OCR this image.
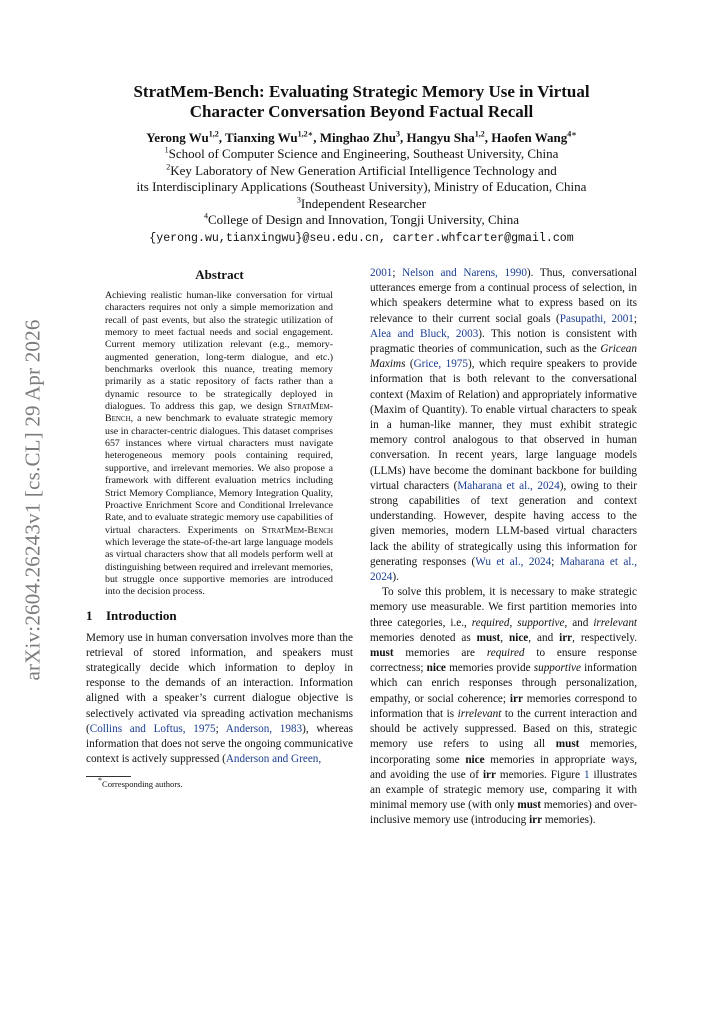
arXiv:2604.26243v1 [cs.CL] 29 Apr 2026
StratMem-Bench: Evaluating Strategic Memory Use in Virtual
Character Conversation Beyond Factual Recall
Yerong Wu$^{1,2}$, Tianxing $Wu^{1,2∗}$, Minghao Zhu$^3$, Hangyu Sha$^{1,2}$, Haofen Wang$^{4∗}$
$^1$School of Computer Science and Engineering, Southeast University, China
$^2$Key Laboratory of New Generation Artificial Intelligence Technology and
its Interdisciplinary Applications (Southeast University), Ministry of Education, China
$^3$Independent Researcher
$^4$College of Design and Innovation, Tongji University, China
{yerong.wu,tianxingwu}@seu.edu.cn, carter.whfcarter@gmail.com
Abstract
Achieving realistic human-like conversation for virtual characters requires not only a simple memorization and recall of past events, but also the strategic utilization of memory to meet factual needs and social engagement. Current memory utilization relevant (e.g., memory-augmented generation, long-term dialogue, and etc.) benchmarks overlook this nuance, treating memory primarily as a static repository of facts rather than a dynamic resource to be strategically deployed in dialogues. To address this gap, we design StratMem-Bench, a new benchmark to evaluate strategic memory use in character-centric dialogues. This dataset comprises 657 instances where virtual characters must navigate heterogeneous memory pools containing required, supportive, and irrelevant memories. We also propose a framework with different evaluation metrics including Strict Memory Compliance, Memory Integration Quality, Proactive Enrichment Score and Conditional Irrelevance Rate, and to evaluate strategic memory use capabilities of virtual characters. Experiments on StratMem-Bench which leverage the state-of-the-art large language models as virtual characters show that all models perform well at distinguishing between required and irrelevant memories, but struggle once supportive memories are introduced into the decision process.
1 Introduction
Memory use in human conversation involves more than the retrieval of stored information, and speakers must strategically decide which information to deploy in response to the demands of an interaction. Information aligned with a speaker’s current dialogue objective is selectively activated via spreading activation mechanisms (Collins and Loftus, 1975; Anderson, 1983), whereas information that does not serve the ongoing communicative context is actively suppressed (Anderson and Green,
*Corresponding authors.

2001; Nelson and Narens, 1990). Thus, conversational utterances emerge from a continual process of selection, in which speakers determine what to express based on its relevance to their current social goals (Pasupathi, 2001; Alea and Bluck, 2003). This notion is consistent with pragmatic theories of communication, such as the Gricean Maxims (Grice, 1975), which require speakers to provide information that is both relevant to the conversational context (Maxim of Relation) and appropriately informative (Maxim of Quantity). To enable virtual characters to speak in a human-like manner, they must exhibit strategic memory control analogous to that observed in human conversation. In recent years, large language models (LLMs) have become the dominant backbone for building virtual characters (Maharana et al., 2024), owing to their strong capabilities of text generation and context understanding. However, despite having access to the given memories, modern LLM-based virtual characters lack the ability of strategically using this information for generating responses (Wu et al., 2024; Maharana et al., 2024).

To solve this problem, it is necessary to make strategic memory use measurable. We first partition memories into three categories, i.e., required, supportive, and irrelevant memories denoted as must, nice, and irr, respectively. must memories are required to ensure response correctness; nice memories provide supportive information which can enrich responses through personalization, empathy, or social coherence; irr memories correspond to information that is irrelevant to the current interaction and should be actively suppressed. Based on this, strategic memory use refers to using all must memories, incorporating some nice memories in appropriate ways, and avoiding the use of irr memories. Figure 1 illustrates an example of strategic memory use, comparing it with minimal memory use (with only must memories) and over-inclusive memory use (introducing irr memories).
